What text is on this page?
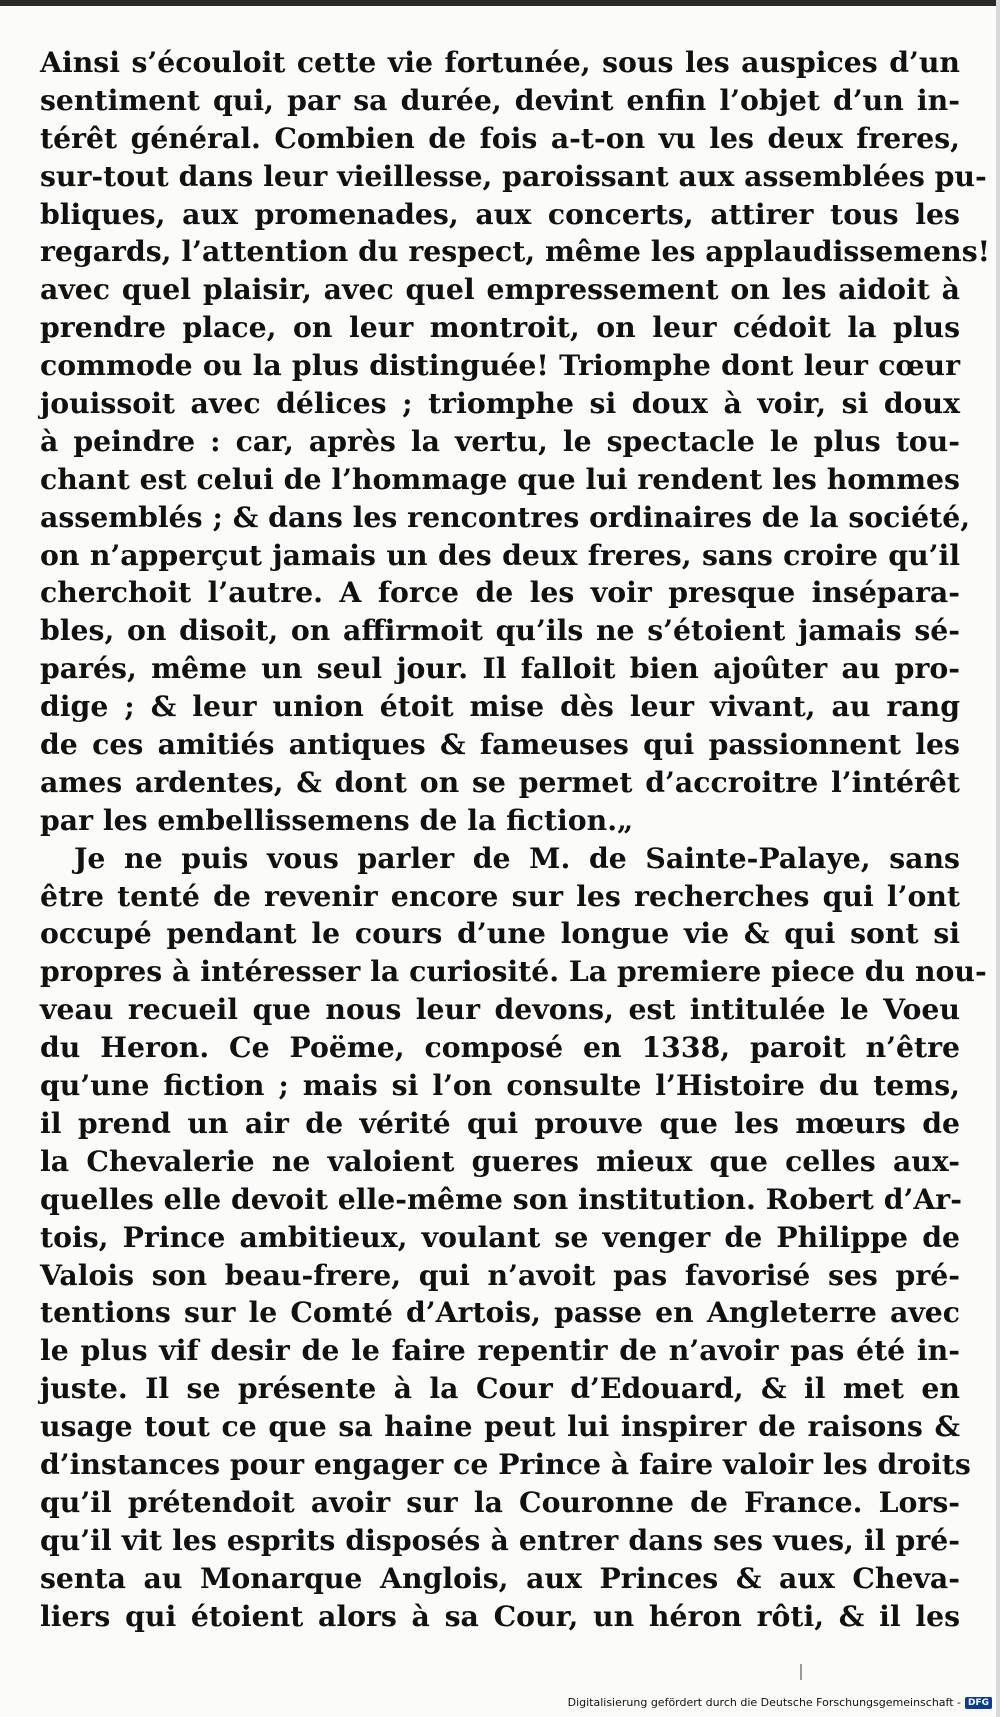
Ainsi s’écouloit cette vie fortunée, sous les auspices d’un
sentiment qui, par sa durée, devint enfin l’objet d’un in-
térêt général. Combien de fois a-t-on vu les deux freres,
sur-tout dans leur vieillesse, paroissant aux assemblées pu-
bliques, aux promenades, aux concerts, attirer tous les
regards, l’attention du respect, même les applaudissemens!
avec quel plaisir, avec quel empressement on les aidoit à
prendre place, on leur montroit, on leur cédoit la plus
commode ou la plus distinguée! Triomphe dont leur cœur
jouissoit avec délices ; triomphe si doux à voir, si doux
à peindre : car, après la vertu, le spectacle le plus tou-
chant est celui de l’hommage que lui rendent les hommes
assemblés ; & dans les rencontres ordinaires de la société,
on n’apperçut jamais un des deux freres, sans croire qu’il
cherchoit l’autre. A force de les voir presque insépara-
bles, on disoit, on affirmoit qu’ils ne s’étoient jamais sé-
parés, même un seul jour. Il falloit bien ajoûter au pro-
dige ; & leur union étoit mise dès leur vivant, au rang
de ces amitiés antiques & fameuses qui passionnent les
ames ardentes, & dont on se permet d’accroitre l’intérêt
par les embellissemens de la fiction.„
Je ne puis vous parler de M. de Sainte-Palaye, sans
être tenté de revenir encore sur les recherches qui l’ont
occupé pendant le cours d’une longue vie & qui sont si
propres à intéresser la curiosité. La premiere piece du nou-
veau recueil que nous leur devons, est intitulée le Voeu
du Heron. Ce Poëme, composé en 1338, paroit n’être
qu’une fiction ; mais si l’on consulte l’Histoire du tems,
il prend un air de vérité qui prouve que les mœurs de
la Chevalerie ne valoient gueres mieux que celles aux-
quelles elle devoit elle-même son institution. Robert d’Ar-
tois, Prince ambitieux, voulant se venger de Philippe de
Valois son beau-frere, qui n’avoit pas favorisé ses pré-
tentions sur le Comté d’Artois, passe en Angleterre avec
le plus vif desir de le faire repentir de n’avoir pas été in-
juste. Il se présente à la Cour d’Edouard, & il met en
usage tout ce que sa haine peut lui inspirer de raisons &
d’instances pour engager ce Prince à faire valoir les droits
qu’il prétendoit avoir sur la Couronne de France. Lors-
qu’il vit les esprits disposés à entrer dans ses vues, il pré-
senta au Monarque Anglois, aux Princes & aux Cheva-
liers qui étoient alors à sa Cour, un héron rôti, & il les
Digitalisierung gefördert durch die Deutsche Forschungsgemeinschaft - DFG
